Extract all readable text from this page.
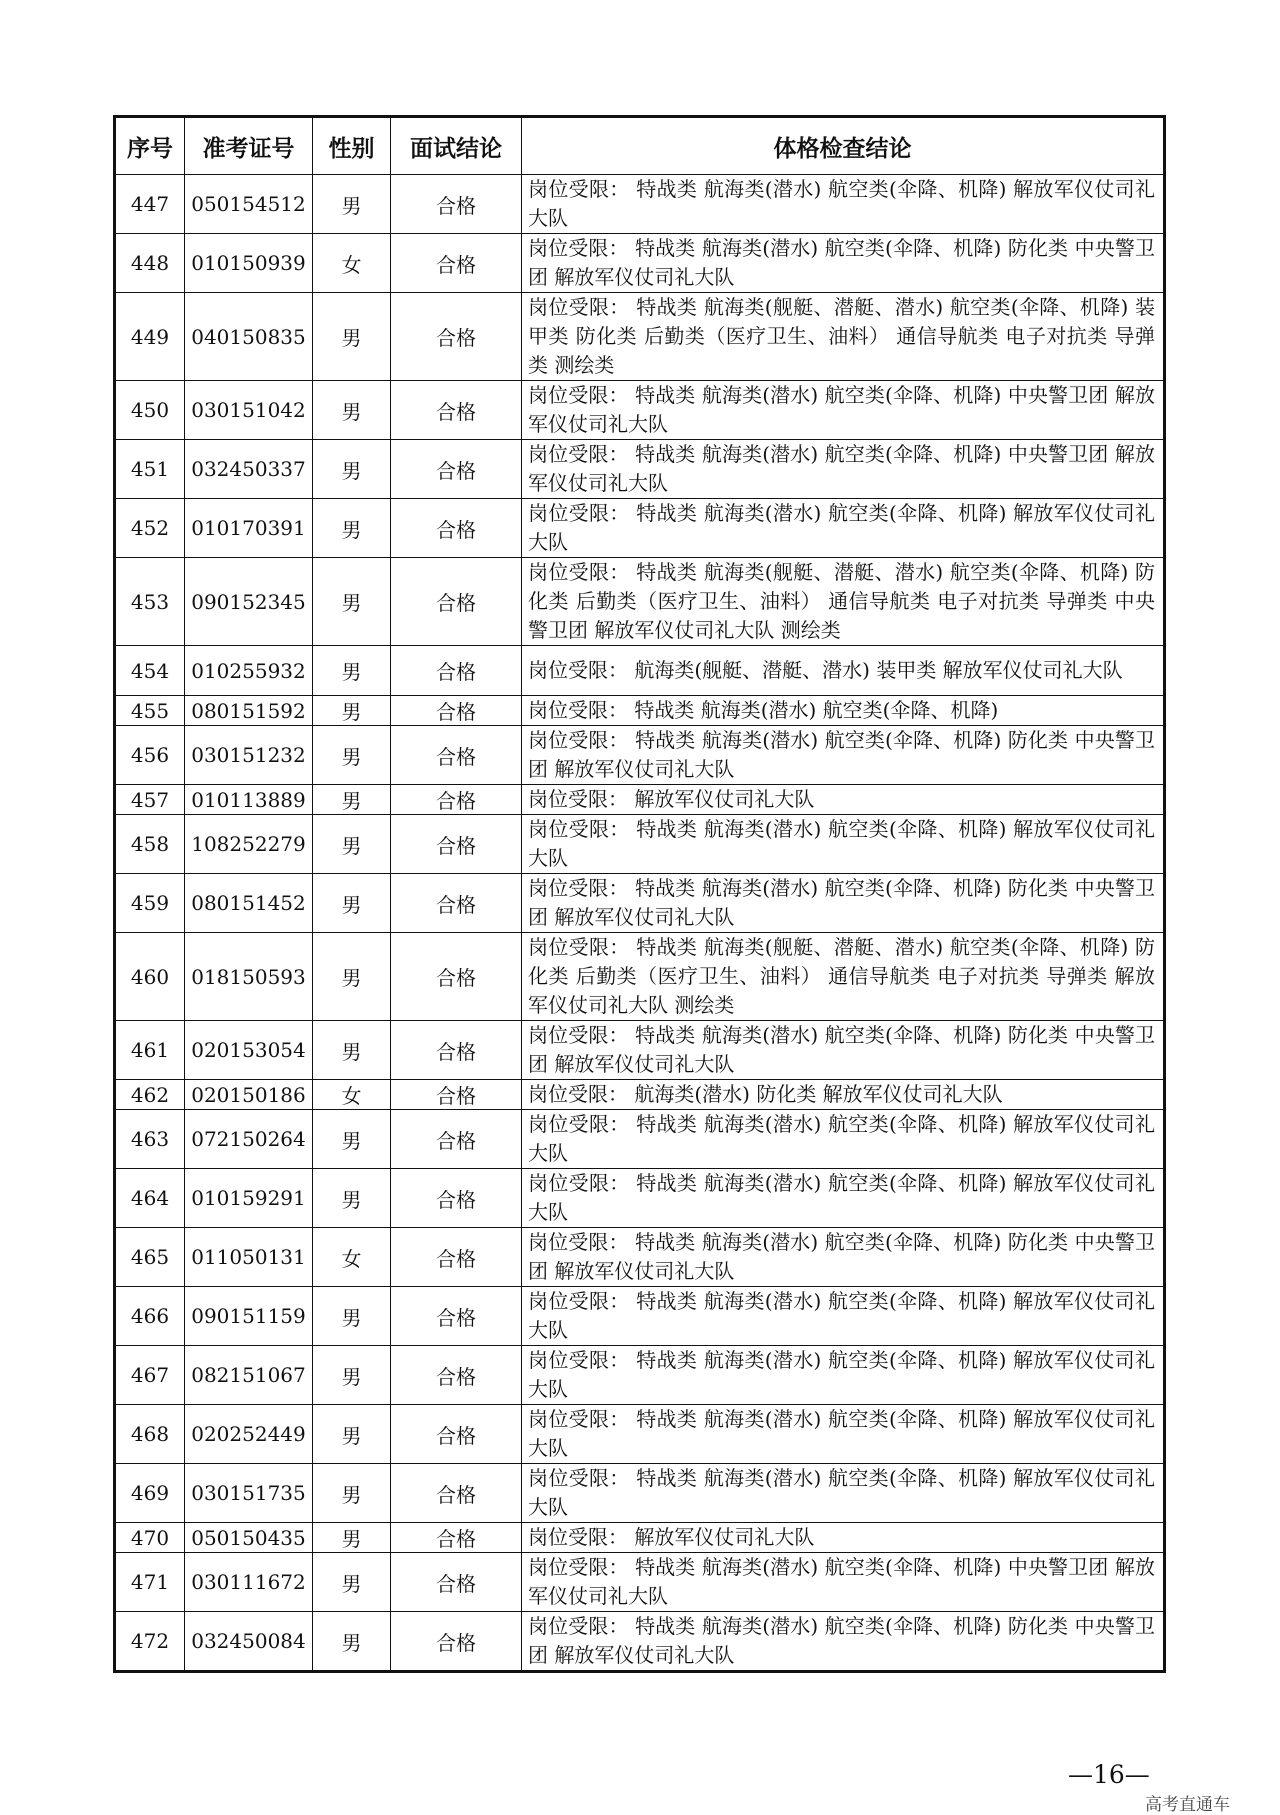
序号	准考证号	性别	面试结论	体格检查结论
447	050154512	男	合格	岗位受限： 特战类 航海类(潜水) 航空类(伞降、机降) 解放军仪仗司礼大队
448	010150939	女	合格	岗位受限： 特战类 航海类(潜水) 航空类(伞降、机降) 防化类 中央警卫团 解放军仪仗司礼大队
449	040150835	男	合格	岗位受限： 特战类 航海类(舰艇、潜艇、潜水) 航空类(伞降、机降) 装甲类 防化类 后勤类（医疗卫生、油料） 通信导航类 电子对抗类 导弹类 测绘类
450	030151042	男	合格	岗位受限： 特战类 航海类(潜水) 航空类(伞降、机降) 中央警卫团 解放军仪仗司礼大队
451	032450337	男	合格	岗位受限： 特战类 航海类(潜水) 航空类(伞降、机降) 中央警卫团 解放军仪仗司礼大队
452	010170391	男	合格	岗位受限： 特战类 航海类(潜水) 航空类(伞降、机降) 解放军仪仗司礼大队
453	090152345	男	合格	岗位受限： 特战类 航海类(舰艇、潜艇、潜水) 航空类(伞降、机降) 防化类 后勤类（医疗卫生、油料） 通信导航类 电子对抗类 导弹类 中央警卫团 解放军仪仗司礼大队 测绘类
454	010255932	男	合格	岗位受限： 航海类(舰艇、潜艇、潜水) 装甲类 解放军仪仗司礼大队
455	080151592	男	合格	岗位受限： 特战类 航海类(潜水) 航空类(伞降、机降)
456	030151232	男	合格	岗位受限： 特战类 航海类(潜水) 航空类(伞降、机降) 防化类 中央警卫团 解放军仪仗司礼大队
457	010113889	男	合格	岗位受限： 解放军仪仗司礼大队
458	108252279	男	合格	岗位受限： 特战类 航海类(潜水) 航空类(伞降、机降) 解放军仪仗司礼大队
459	080151452	男	合格	岗位受限： 特战类 航海类(潜水) 航空类(伞降、机降) 防化类 中央警卫团 解放军仪仗司礼大队
460	018150593	男	合格	岗位受限： 特战类 航海类(舰艇、潜艇、潜水) 航空类(伞降、机降) 防化类 后勤类（医疗卫生、油料） 通信导航类 电子对抗类 导弹类 解放军仪仗司礼大队 测绘类
461	020153054	男	合格	岗位受限： 特战类 航海类(潜水) 航空类(伞降、机降) 防化类 中央警卫团 解放军仪仗司礼大队
462	020150186	女	合格	岗位受限： 航海类(潜水) 防化类 解放军仪仗司礼大队
463	072150264	男	合格	岗位受限： 特战类 航海类(潜水) 航空类(伞降、机降) 解放军仪仗司礼大队
464	010159291	男	合格	岗位受限： 特战类 航海类(潜水) 航空类(伞降、机降) 解放军仪仗司礼大队
465	011050131	女	合格	岗位受限： 特战类 航海类(潜水) 航空类(伞降、机降) 防化类 中央警卫团 解放军仪仗司礼大队
466	090151159	男	合格	岗位受限： 特战类 航海类(潜水) 航空类(伞降、机降) 解放军仪仗司礼大队
467	082151067	男	合格	岗位受限： 特战类 航海类(潜水) 航空类(伞降、机降) 解放军仪仗司礼大队
468	020252449	男	合格	岗位受限： 特战类 航海类(潜水) 航空类(伞降、机降) 解放军仪仗司礼大队
469	030151735	男	合格	岗位受限： 特战类 航海类(潜水) 航空类(伞降、机降) 解放军仪仗司礼大队
470	050150435	男	合格	岗位受限： 解放军仪仗司礼大队
471	030111672	男	合格	岗位受限： 特战类 航海类(潜水) 航空类(伞降、机降) 中央警卫团 解放军仪仗司礼大队
472	032450084	男	合格	岗位受限： 特战类 航海类(潜水) 航空类(伞降、机降) 防化类 中央警卫团 解放军仪仗司礼大队
—16—
高考直通车
